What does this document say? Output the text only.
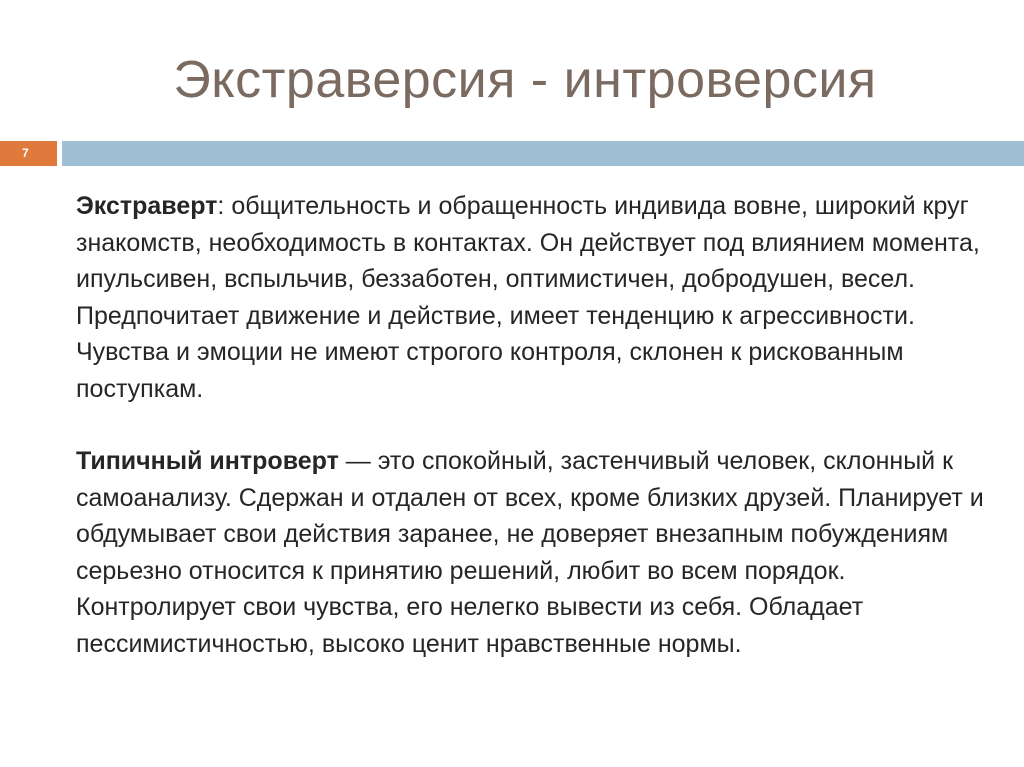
Экстраверсия - интроверсия
7

Экстраверт: общительность и обращенность индивида вовне, широкий круг знакомств, необходимость в контактах. Он действует под влиянием момента, ипульсивен, вспыльчив, беззаботен, оптимистичен, добродушен, весел. Предпочитает движение и действие, имеет тенденцию к агрессивности. Чувства и эмоции не имеют строгого контроля, склонен к рискованным поступкам.

Типичный интроверт — это спокойный, застенчивый человек, склонный к самоанализу. Сдержан и отдален от всех, кроме близких друзей. Планирует и обдумывает свои действия заранее, не доверяет внезапным побуждениям серьезно относится к принятию решений, любит во всем порядок. Контролирует свои чувства, его нелегко вывести из себя. Обладает пессимистичностью, высоко ценит нравственные нормы.
